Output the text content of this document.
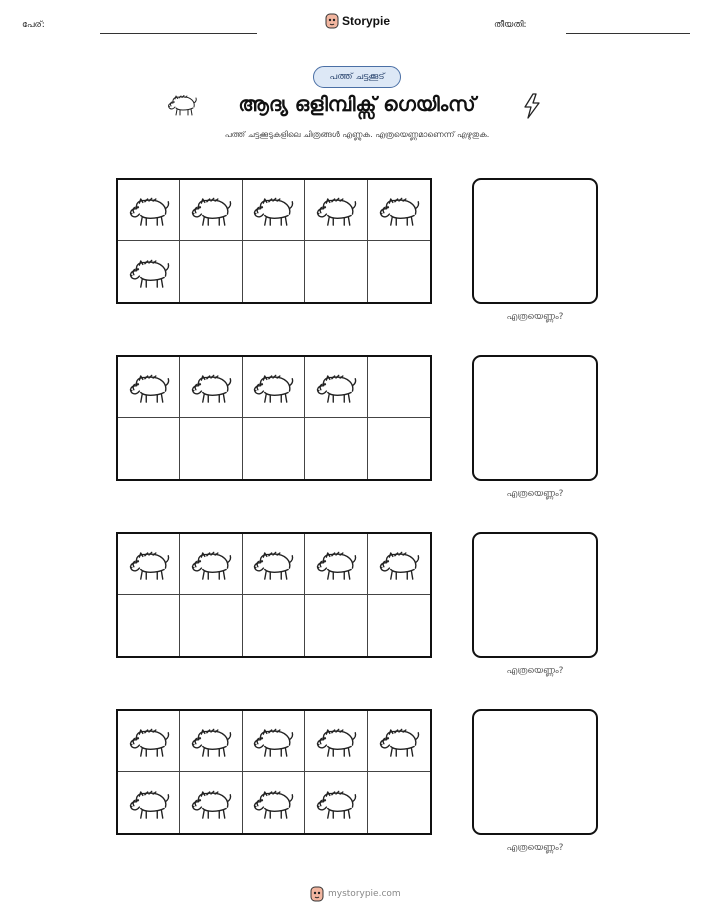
പേര്:	Storypie	തീയതി:
പത്ത് ചട്ടക്കൂട്
ആദ്യ ഒളിമ്പിക്സ് ഗെയിംസ്
പത്ത് ചട്ടക്കൂടുകളിലെ ചിത്രങ്ങൾ എണ്ണുക. എത്രയെണ്ണമാണെന്ന് എഴുതുക.
എത്രയെണ്ണം?
എത്രയെണ്ണം?
എത്രയെണ്ണം?
എത്രയെണ്ണം?
mystorypie.com
